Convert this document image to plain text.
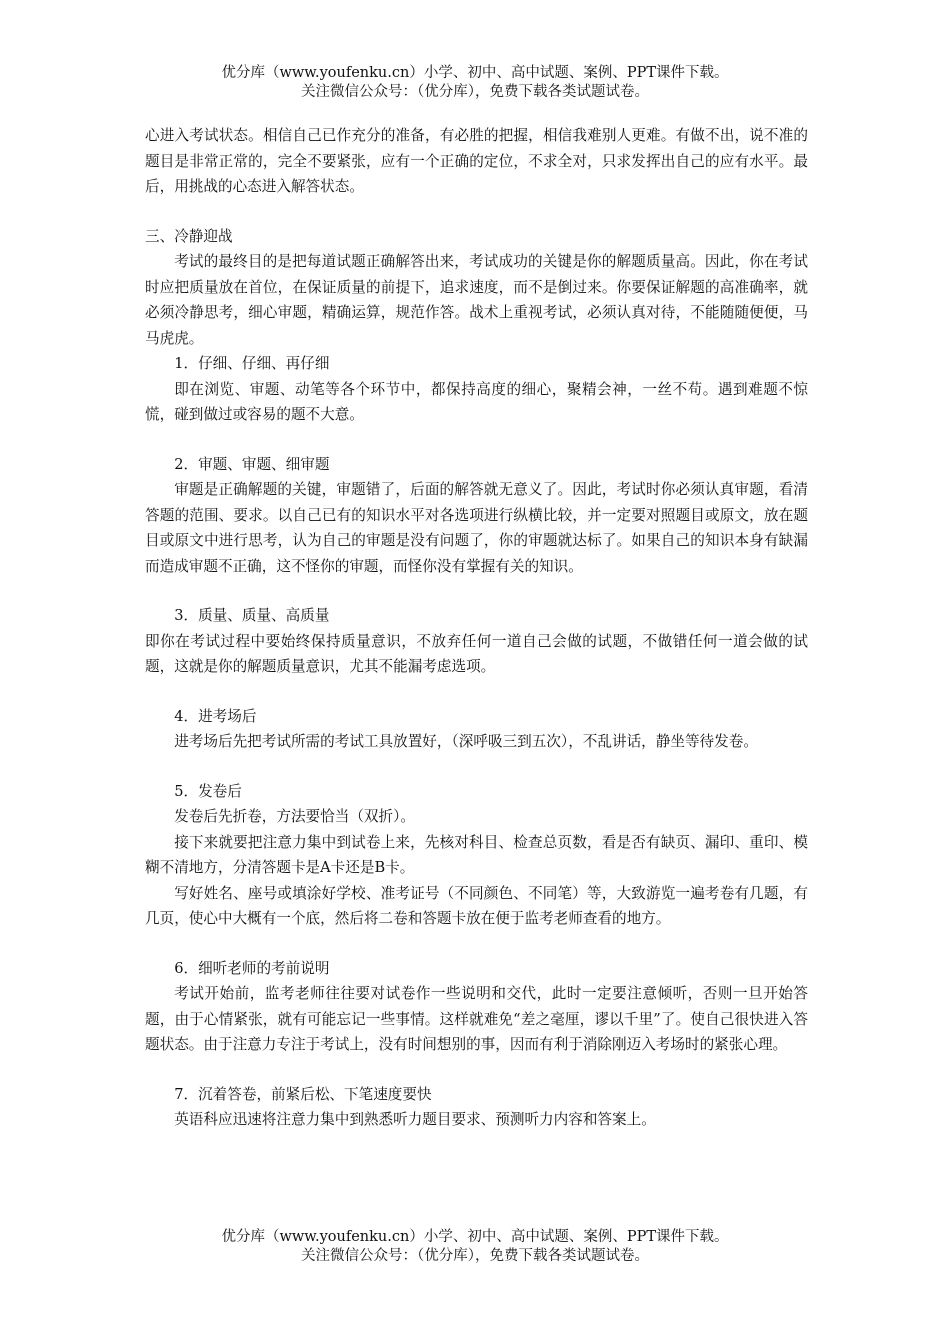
优分库（www.youfenku.cn）小学、初中、高中试题、案例、PPT课件下载。
关注微信公众号：（优分库），免费下载各类试题试卷。

心进入考试状态。相信自己已作充分的准备，有必胜的把握，相信我难别人更难。有做不出，说不准的题目是非常正常的，完全不要紧张，应有一个正确的定位，不求全对，只求发挥出自己的应有水平。最后，用挑战的心态进入解答状态。

三、冷静迎战

考试的最终目的是把每道试题正确解答出来，考试成功的关键是你的解题质量高。因此，你在考试时应把质量放在首位，在保证质量的前提下，追求速度，而不是倒过来。你要保证解题的高准确率，就必须冷静思考，细心审题，精确运算，规范作答。战术上重视考试，必须认真对待，不能随随便便，马马虎虎。

1．仔细、仔细、再仔细

即在浏览、审题、动笔等各个环节中，都保持高度的细心，聚精会神，一丝不苟。遇到难题不惊慌，碰到做过或容易的题不大意。

2．审题、审题、细审题

审题是正确解题的关键，审题错了，后面的解答就无意义了。因此，考试时你必须认真审题，看清答题的范围、要求。以自己已有的知识水平对各选项进行纵横比较，并一定要对照题目或原文，放在题目或原文中进行思考，认为自己的审题是没有问题了，你的审题就达标了。如果自己的知识本身有缺漏而造成审题不正确，这不怪你的审题，而怪你没有掌握有关的知识。

3．质量、质量、高质量

即你在考试过程中要始终保持质量意识，不放弃任何一道自己会做的试题，不做错任何一道会做的试题，这就是你的解题质量意识，尤其不能漏考虑选项。

4．进考场后

进考场后先把考试所需的考试工具放置好，（深呼吸三到五次），不乱讲话，静坐等待发卷。

5．发卷后

发卷后先折卷，方法要恰当（双折）。

接下来就要把注意力集中到试卷上来，先核对科目、检查总页数，看是否有缺页、漏印、重印、模糊不清地方，分清答题卡是A卡还是B卡。

写好姓名、座号或填涂好学校、准考证号（不同颜色、不同笔）等，大致游览一遍考卷有几题，有几页，使心中大概有一个底，然后将二卷和答题卡放在便于监考老师查看的地方。

6．细听老师的考前说明

考试开始前，监考老师往往要对试卷作一些说明和交代，此时一定要注意倾听，否则一旦开始答题，由于心情紧张，就有可能忘记一些事情。这样就难免“差之毫厘，谬以千里”了。使自己很快进入答题状态。由于注意力专注于考试上，没有时间想别的事，因而有利于消除刚迈入考场时的紧张心理。

7．沉着答卷，前紧后松、下笔速度要快

英语科应迅速将注意力集中到熟悉听力题目要求、预测听力内容和答案上。

优分库（www.youfenku.cn）小学、初中、高中试题、案例、PPT课件下载。
关注微信公众号：（优分库），免费下载各类试题试卷。
